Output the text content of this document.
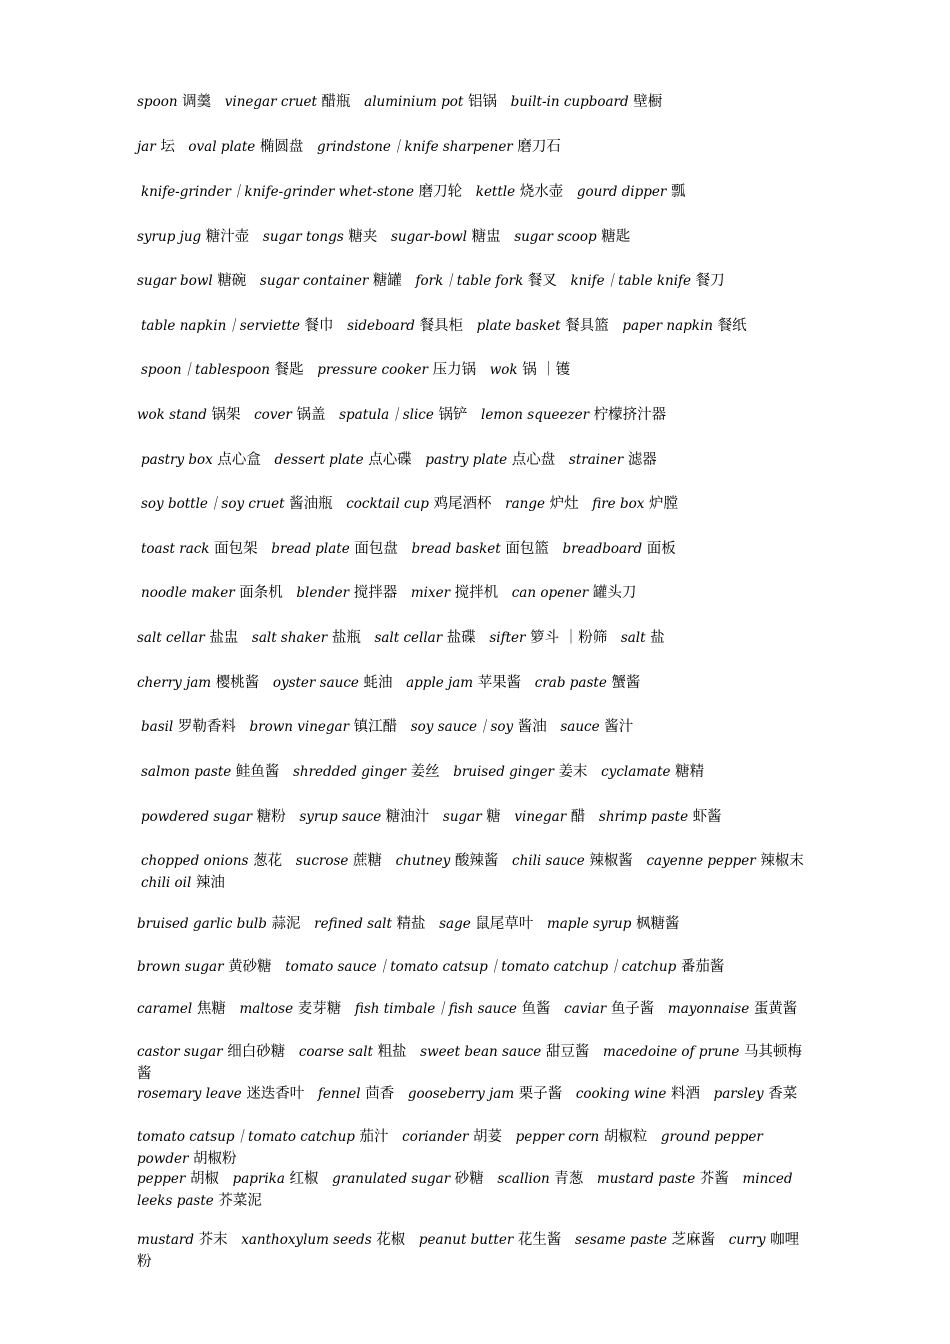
spoon 调羹 vinegar cruet 醋瓶 aluminium pot 铝锅 built-in cupboard 壁橱
jar 坛 oval plate 椭圆盘 grindstone｜knife sharpener 磨刀石
knife-grinder｜knife-grinder whet-stone 磨刀轮 kettle 烧水壶 gourd dipper 瓢
syrup jug 糖汁壶 sugar tongs 糖夹 sugar-bowl 糖盅 sugar scoop 糖匙
sugar bowl 糖碗 sugar container 糖罐 fork｜table fork 餐叉 knife｜table knife 餐刀
table napkin｜serviette 餐巾 sideboard 餐具柜 plate basket 餐具篮 paper napkin 餐纸
spoon｜tablespoon 餐匙 pressure cooker 压力锅 wok 锅 ｜镬
wok stand 锅架 cover 锅盖 spatula｜slice 锅铲 lemon squeezer 柠檬挤汁器
pastry box 点心盒 dessert plate 点心碟 pastry plate 点心盘 strainer 滤器
soy bottle｜soy cruet 酱油瓶 cocktail cup 鸡尾酒杯 range 炉灶 fire box 炉膛
toast rack 面包架 bread plate 面包盘 bread basket 面包篮 breadboard 面板
noodle maker 面条机 blender 搅拌器 mixer 搅拌机 can opener 罐头刀
salt cellar 盐盅 salt shaker 盐瓶 salt cellar 盐碟 sifter 箩斗 ｜粉筛 salt 盐
cherry jam 樱桃酱 oyster sauce 蚝油 apple jam 苹果酱 crab paste 蟹酱
basil 罗勒香料 brown vinegar 镇江醋 soy sauce｜soy 酱油 sauce 酱汁
salmon paste 鲑鱼酱 shredded ginger 姜丝 bruised ginger 姜末 cyclamate 糖精
powdered sugar 糖粉 syrup sauce 糖油汁 sugar 糖 vinegar 醋 shrimp paste 虾酱
chopped onions 葱花 sucrose 蔗糖 chutney 酸辣酱 chili sauce 辣椒酱 cayenne pepper 辣椒末 chili oil 辣油
bruised garlic bulb 蒜泥 refined salt 精盐 sage 鼠尾草叶 maple syrup 枫糖酱
brown sugar 黄砂糖 tomato sauce｜tomato catsup｜tomato catchup｜catchup 番茄酱
caramel 焦糖 maltose 麦芽糖 fish timbale｜fish sauce 鱼酱 caviar 鱼子酱 mayonnaise 蛋黄酱
castor sugar 细白砂糖 coarse salt 粗盐 sweet bean sauce 甜豆酱 macedoine of prune 马其顿梅酱
rosemary leave 迷迭香叶 fennel 茴香 gooseberry jam 栗子酱 cooking wine 料酒 parsley 香菜
tomato catsup｜tomato catchup 茄汁 coriander 胡荽 pepper corn 胡椒粒 ground pepper powder 胡椒粉
pepper 胡椒 paprika 红椒 granulated sugar 砂糖 scallion 青葱 mustard paste 芥酱 minced leeks paste 芥菜泥
mustard 芥末 xanthoxylum seeds 花椒 peanut butter 花生酱 sesame paste 芝麻酱 curry 咖哩粉
